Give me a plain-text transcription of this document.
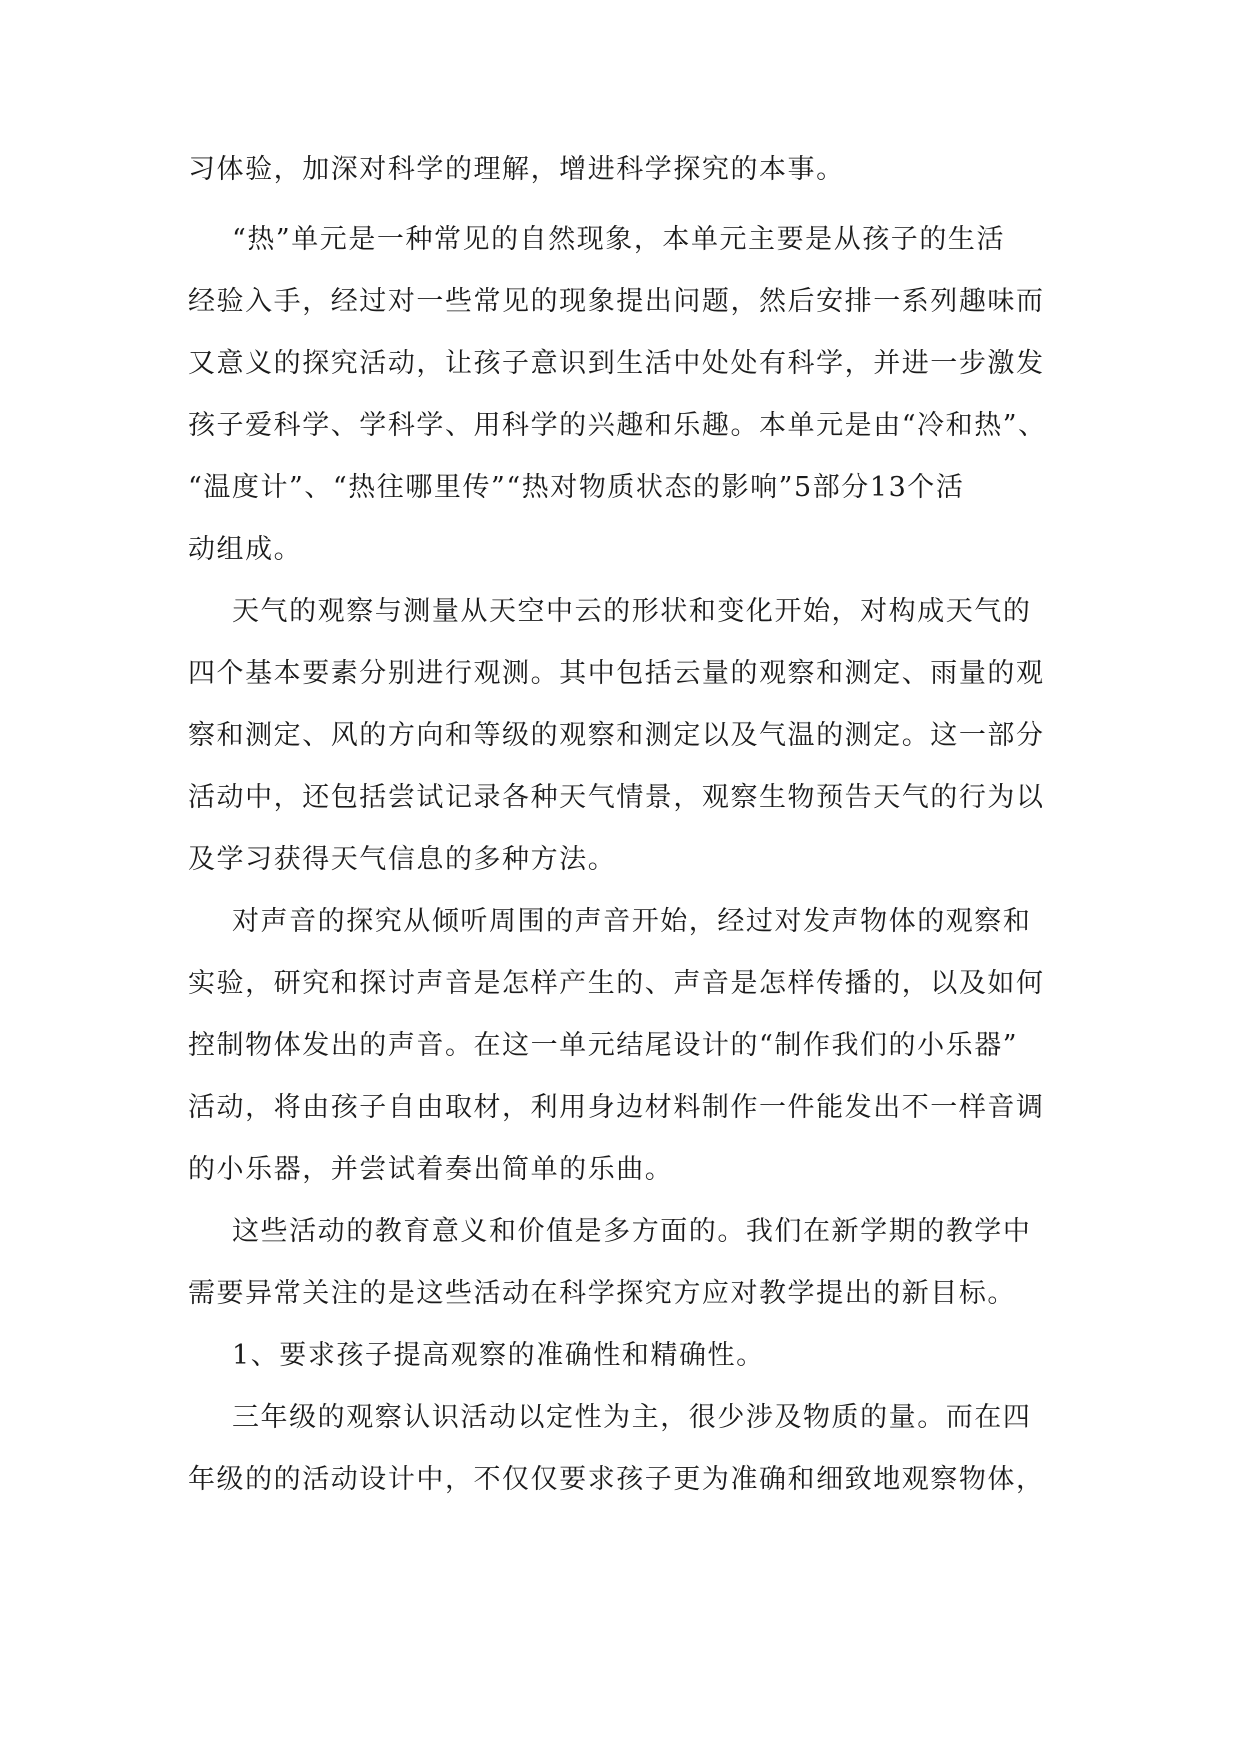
习体验，加深对科学的理解，增进科学探究的本事。
“热”单元是一种常见的自然现象，本单元主要是从孩子的生活
经验入手，经过对一些常见的现象提出问题，然后安排一系列趣味而
又意义的探究活动，让孩子意识到生活中处处有科学，并进一步激发
孩子爱科学、学科学、用科学的兴趣和乐趣。本单元是由“冷和热”、
“温度计”、“热往哪里传”“热对物质状态的影响”5部分13个活
动组成。
天气的观察与测量从天空中云的形状和变化开始，对构成天气的
四个基本要素分别进行观测。其中包括云量的观察和测定、雨量的观
察和测定、风的方向和等级的观察和测定以及气温的测定。这一部分
活动中，还包括尝试记录各种天气情景，观察生物预告天气的行为以
及学习获得天气信息的多种方法。
对声音的探究从倾听周围的声音开始，经过对发声物体的观察和
实验，研究和探讨声音是怎样产生的、声音是怎样传播的，以及如何
控制物体发出的声音。在这一单元结尾设计的“制作我们的小乐器”
活动，将由孩子自由取材，利用身边材料制作一件能发出不一样音调
的小乐器，并尝试着奏出简单的乐曲。
这些活动的教育意义和价值是多方面的。我们在新学期的教学中
需要异常关注的是这些活动在科学探究方应对教学提出的新目标。
1、要求孩子提高观察的准确性和精确性。
三年级的观察认识活动以定性为主，很少涉及物质的量。而在四
年级的的活动设计中，不仅仅要求孩子更为准确和细致地观察物体，
